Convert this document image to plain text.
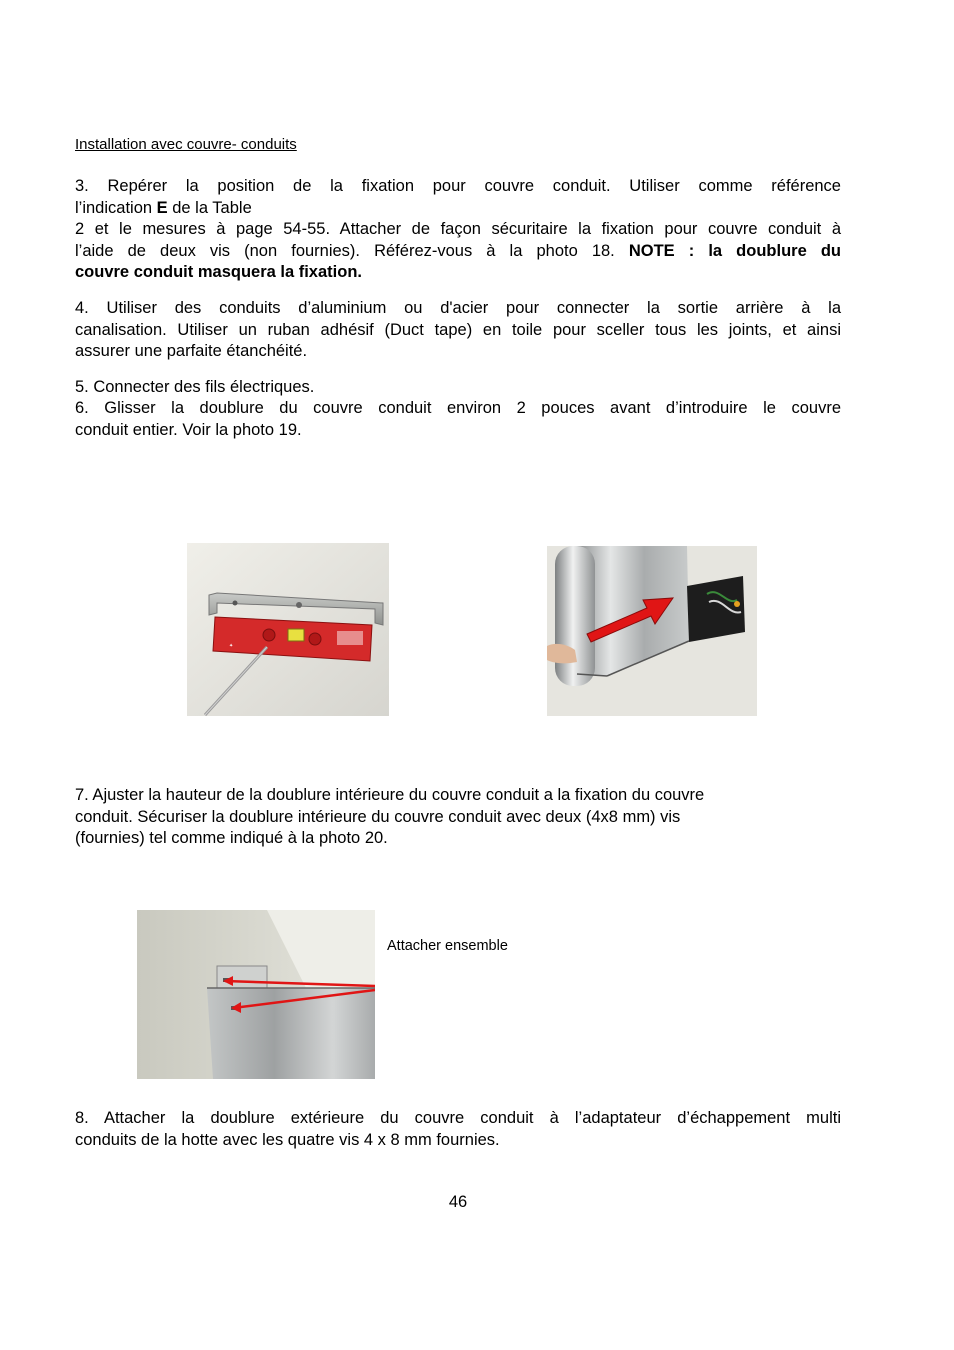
Installation avec couvre- conduits
3. Repérer la position de la fixation pour couvre conduit. Utiliser comme référence
l’indication E de la Table
2 et le mesures à page 54-55. Attacher de façon sécuritaire la fixation pour couvre conduit à
l’aide de deux vis (non fournies). Référez-vous à la photo 18. NOTE : la doublure du
couvre conduit masquera la fixation.
4. Utiliser des conduits d’aluminium ou d'acier pour connecter la sortie arrière à la
canalisation. Utiliser un ruban adhésif (Duct tape) en toile pour sceller tous les joints, et ainsi
assurer une parfaite étanchéité.
5. Connecter des fils électriques.
6. Glisser la doublure du couvre conduit environ 2 pouces avant d’introduire le couvre
conduit entier. Voir la photo 19.
✦
7. Ajuster la hauteur de la doublure intérieure du couvre conduit a la fixation du couvre
conduit. Sécuriser la doublure intérieure du couvre conduit avec deux (4x8 mm) vis
(fournies) tel comme indiqué à la photo 20.
Attacher ensemble
8. Attacher la doublure extérieure du couvre conduit à l’adaptateur d’échappement multi
conduits de la hotte avec les quatre vis 4 x 8 mm fournies.
46
